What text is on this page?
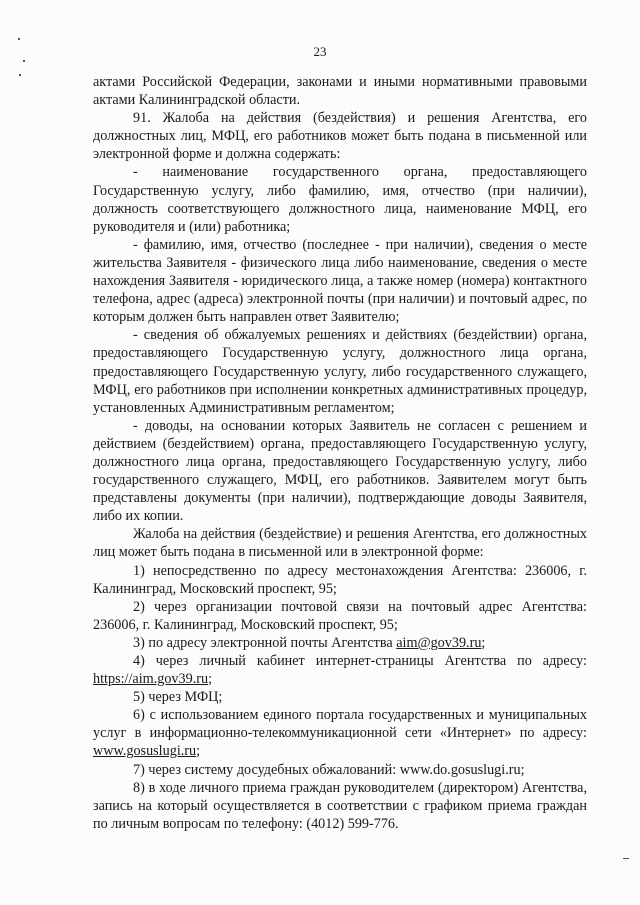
23

актами Российской Федерации, законами и иными нормативными правовыми актами Калининградской области.

91. Жалоба на действия (бездействия) и решения Агентства, его должностных лиц, МФЦ, его работников может быть подана в письменной или электронной форме и должна содержать:

- наименование государственного органа, предоставляющего Государственную услугу, либо фамилию, имя, отчество (при наличии), должность соответствующего должностного лица, наименование МФЦ, его руководителя и (или) работника;

- фамилию, имя, отчество (последнее - при наличии), сведения о месте жительства Заявителя - физического лица либо наименование, сведения о месте нахождения Заявителя - юридического лица, а также номер (номера) контактного телефона, адрес (адреса) электронной почты (при наличии) и почтовый адрес, по которым должен быть направлен ответ Заявителю;

- сведения об обжалуемых решениях и действиях (бездействии) органа, предоставляющего Государственную услугу, должностного лица органа, предоставляющего Государственную услугу, либо государственного служащего, МФЦ, его работников при исполнении конкретных административных процедур, установленных Административным регламентом;

- доводы, на основании которых Заявитель не согласен с решением и действием (бездействием) органа, предоставляющего Государственную услугу, должностного лица органа, предоставляющего Государственную услугу, либо государственного служащего, МФЦ, его работников. Заявителем могут быть представлены документы (при наличии), подтверждающие доводы Заявителя, либо их копии.

Жалоба на действия (бездействие) и решения Агентства, его должностных лиц может быть подана в письменной или в электронной форме:

1) непосредственно по адресу местонахождения Агентства: 236006, г. Калининград, Московский проспект, 95;

2) через организации почтовой связи на почтовый адрес Агентства: 236006, г. Калининград, Московский проспект, 95;

3) по адресу электронной почты Агентства aim@gov39.ru;

4) через личный кабинет интернет-страницы Агентства по адресу: https://aim.gov39.ru;

5) через МФЦ;

6) с использованием единого портала государственных и муниципальных услуг в информационно-телекоммуникационной сети «Интернет» по адресу: www.gosuslugi.ru;

7) через систему досудебных обжалований: www.do.gosuslugi.ru;

8) в ходе личного приема граждан руководителем (директором) Агентства, запись на который осуществляется в соответствии с графиком приема граждан по личным вопросам по телефону: (4012) 599-776.
